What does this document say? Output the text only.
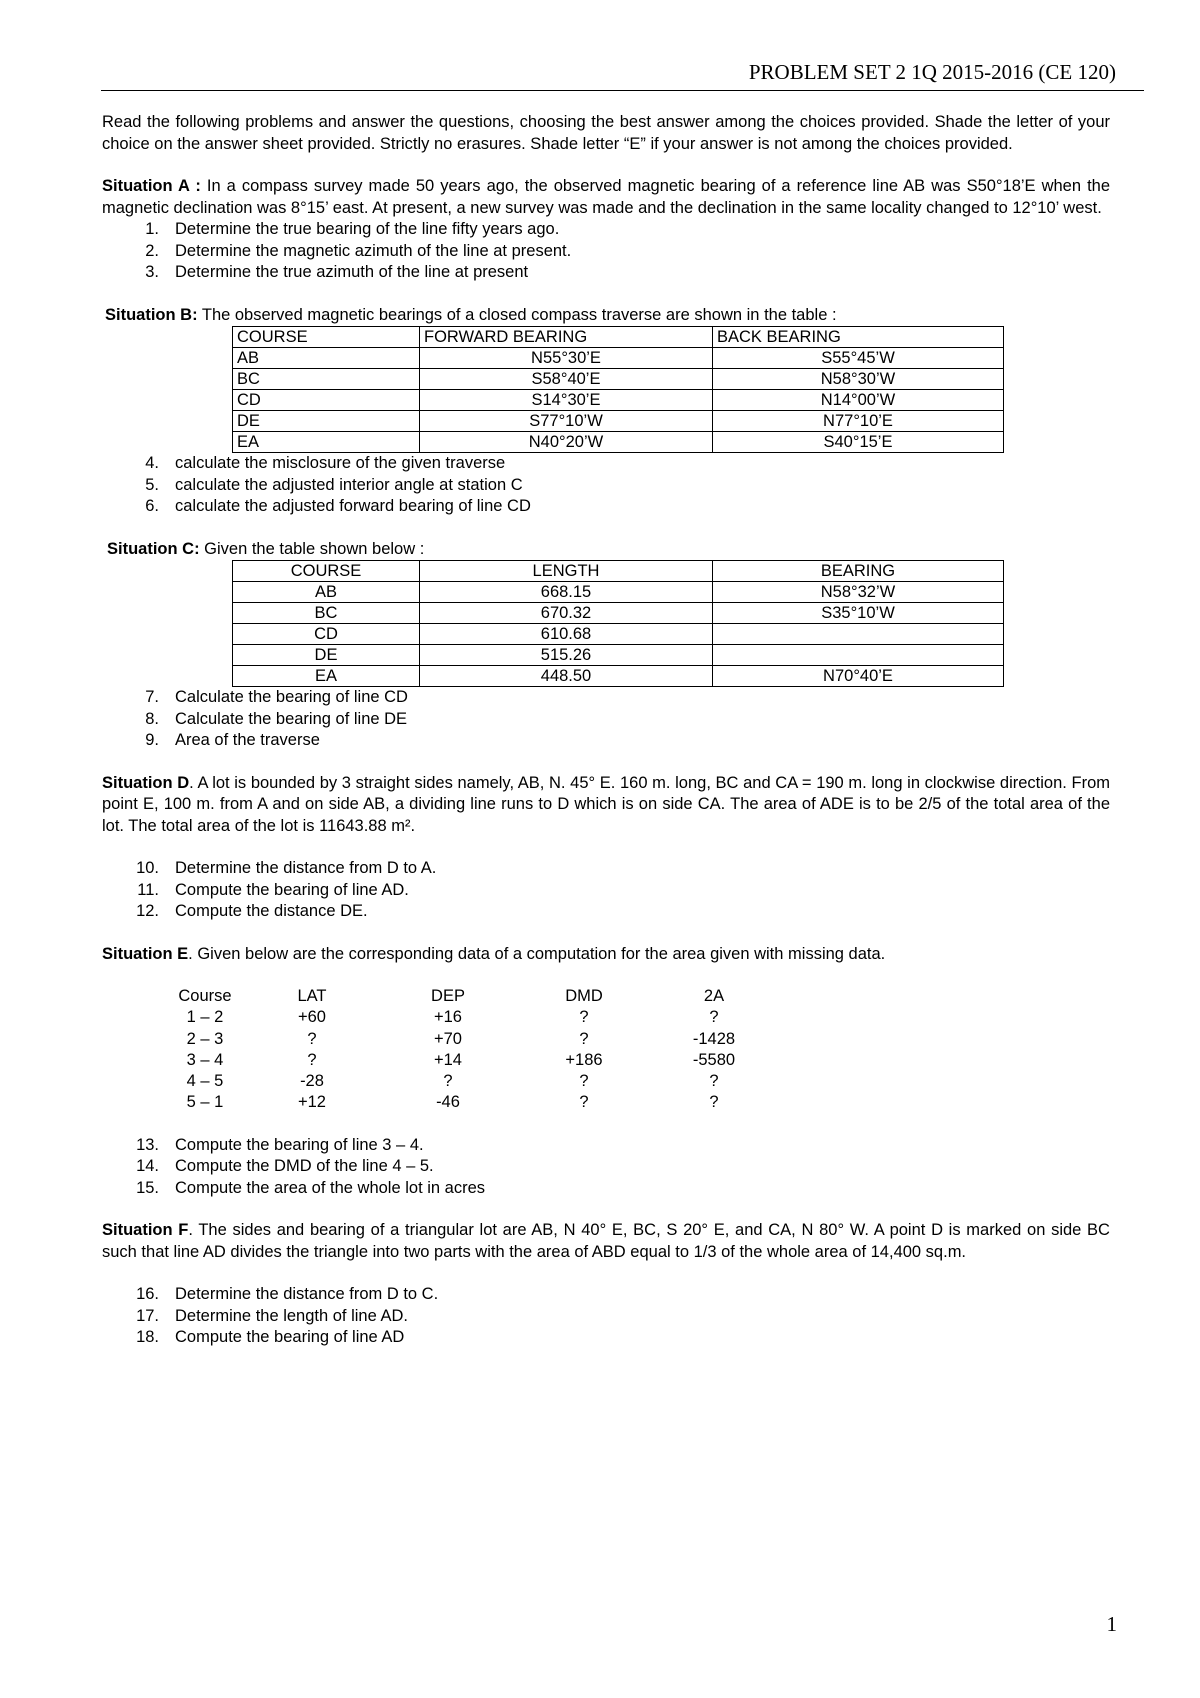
PROBLEM SET 2 1Q 2015-2016 (CE 120)

Read the following problems and answer the questions, choosing the best answer among the choices provided. Shade the letter of your choice on the answer sheet provided. Strictly no erasures. Shade letter “E” if your answer is not among the choices provided.

Situation A : In a compass survey made 50 years ago, the observed magnetic bearing of a reference line AB was S50°18’E when the magnetic declination was 8°15’ east. At present, a new survey was made and the declination in the same locality changed to 12°10’ west.

1. Determine the true bearing of the line fifty years ago.
2. Determine the magnetic azimuth of the line at present.
3. Determine the true azimuth of the line at present

Situation B: The observed magnetic bearings of a closed compass traverse are shown in the table :

COURSE	FORWARD BEARING	BACK BEARING
AB	N55°30’E	S55°45’W
BC	S58°40’E	N58°30’W
CD	S14°30’E	N14°00’W
DE	S77°10’W	N77°10’E
EA	N40°20’W	S40°15’E
4. calculate the misclosure of the given traverse
5. calculate the adjusted interior angle at station C
6. calculate the adjusted forward bearing of line CD

Situation C: Given the table shown below :

COURSE	LENGTH	BEARING
AB	668.15	N58°32’W
BC	670.32	S35°10’W
CD	610.68	
DE	515.26	
EA	448.50	N70°40’E
7. Calculate the bearing of line CD
8. Calculate the bearing of line DE
9. Area of the traverse

Situation D. A lot is bounded by 3 straight sides namely, AB, N. 45° E. 160 m. long, BC and CA = 190 m. long in clockwise direction. From point E, 100 m. from A and on side AB, a dividing line runs to D which is on side CA. The area of ADE is to be 2/5 of the total area of the lot. The total area of the lot is 11643.88 m².

10. Determine the distance from D to A.
11. Compute the bearing of line AD.
12. Compute the distance DE.

Situation E. Given below are the corresponding data of a computation for the area given with missing data.

Course	LAT	DEP	DMD	2A
1 – 2	+60	+16	?	?
2 – 3	?	+70	?	-1428
3 – 4	?	+14	+186	-5580
4 – 5	-28	?	?	?
5 – 1	+12	-46	?	?
13. Compute the bearing of line 3 – 4.
14. Compute the DMD of the line 4 – 5.
15. Compute the area of the whole lot in acres

Situation F. The sides and bearing of a triangular lot are AB, N 40° E, BC, S 20° E, and CA, N 80° W. A point D is marked on side BC such that line AD divides the triangle into two parts with the area of ABD equal to 1/3 of the whole area of 14,400 sq.m.

16. Determine the distance from D to C.
17. Determine the length of line AD.
18. Compute the bearing of line AD
1
